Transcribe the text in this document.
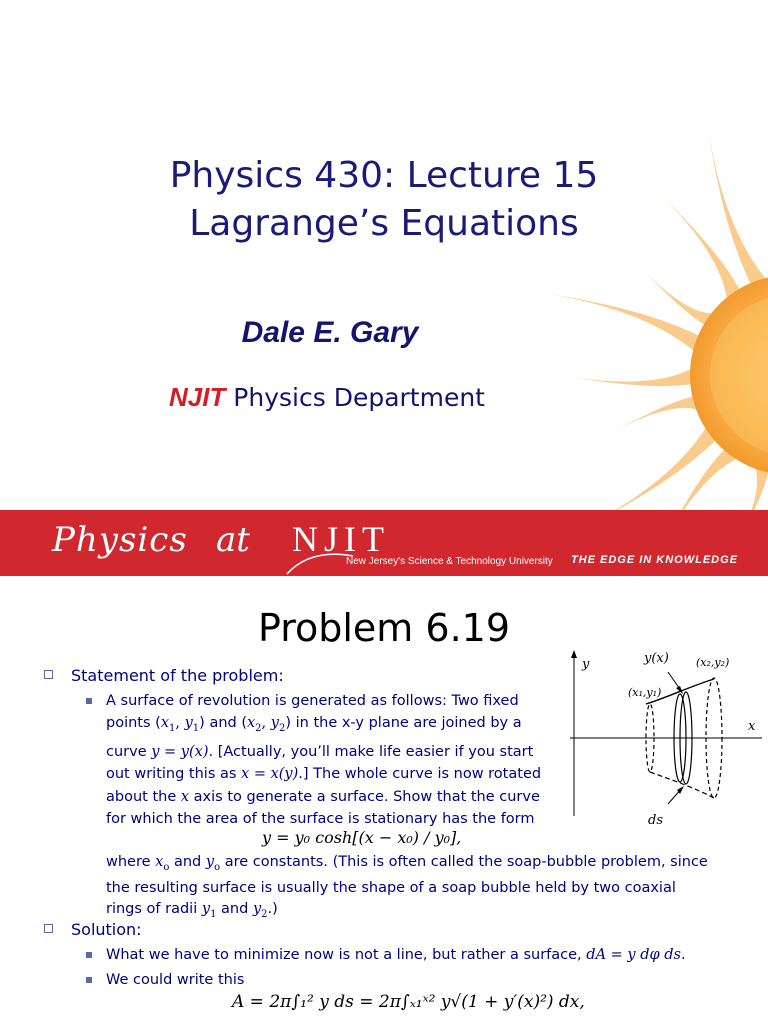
Physics 430: Lecture 15
Lagrange’s Equations
Dale E. Gary
NJIT Physics Department
Physics at NJIT
New Jersey's Science & Technology University THE EDGE IN KNOWLEDGE
Problem 6.19
Statement of the problem:
A surface of revolution is generated as follows: Two fixed
points ($x_1$, $y_1$) and ($x_2$, $y_2$) in the x-y plane are joined by a
curve y = y(x). [Actually, you’ll make life easier if you start
out writing this as x = x(y).] The whole curve is now rotated
about the x axis to generate a surface. Show that the curve
for which the area of the surface is stationary has the form
y = y₀ cosh[(x − x₀) / y₀],
where $x_o$ and $y_o$ are constants. (This is often called the soap-bubble problem, since
the resulting surface is usually the shape of a soap bubble held by two coaxial
rings of radii $y_1$ and $y_2$.)
Solution:
What we have to minimize now is not a line, but rather a surface, dA = y dφ ds.
We could write this
A = 2π∫₁² y ds = 2π∫ₓ₁ˣ² y√(1 + y′(x)²) dx,
y
x
y(x) (x₂,y₂)
(x₁,y₁)
ds
